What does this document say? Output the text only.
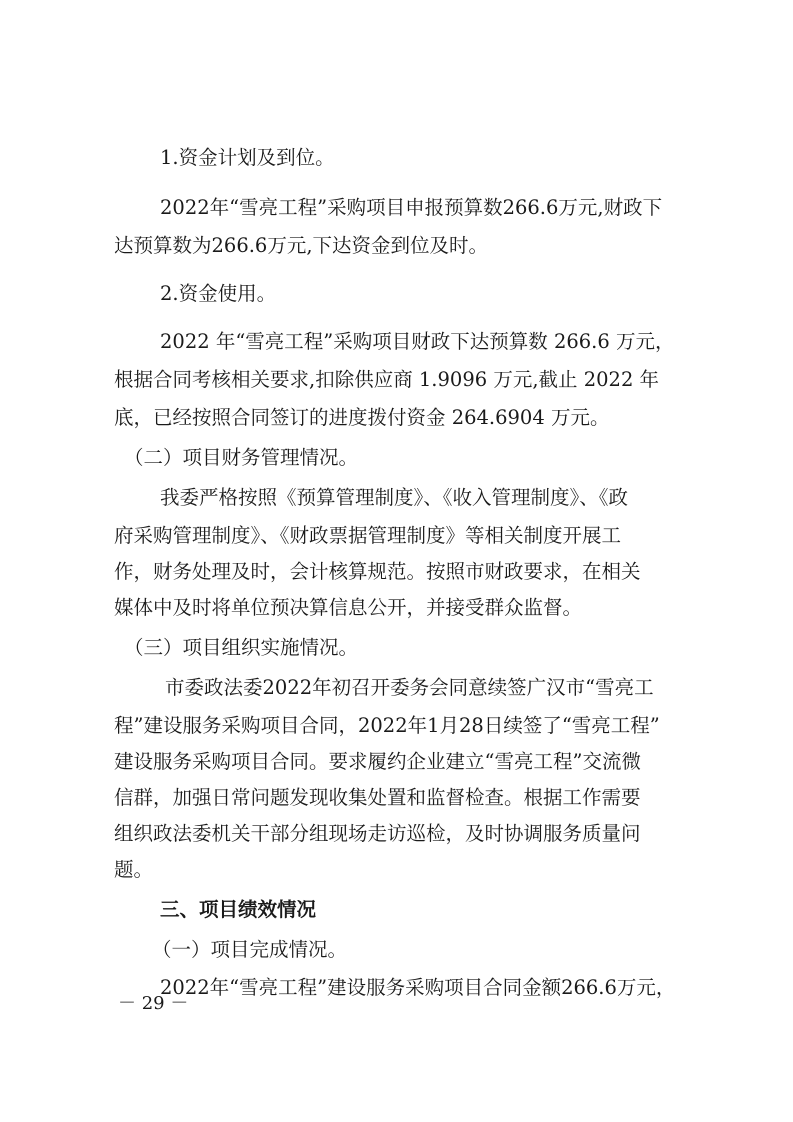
1.资金计划及到位。
2022年“雪亮工程”采购项目申报预算数266.6万元,财政下
达预算数为266.6万元,下达资金到位及时。
2.资金使用。
2022 年“雪亮工程”采购项目财政下达预算数 266.6 万元，
根据合同考核相关要求,扣除供应商 1.9096 万元,截止 2022 年
底，已经按照合同签订的进度拨付资金 264.6904 万元。
（二）项目财务管理情况。
我委严格按照《预算管理制度》、《收入管理制度》、《政
府采购管理制度》、《财政票据管理制度》等相关制度开展工
作，财务处理及时，会计核算规范。按照市财政要求，在相关
媒体中及时将单位预决算信息公开，并接受群众监督。
（三）项目组织实施情况。
市委政法委2022年初召开委务会同意续签广汉市“雪亮工
程”建设服务采购项目合同，2022年1月28日续签了“雪亮工程”
建设服务采购项目合同。要求履约企业建立“雪亮工程”交流微
信群，加强日常问题发现收集处置和监督检查。根据工作需要
组织政法委机关干部分组现场走访巡检，及时协调服务质量问
题。
三、项目绩效情况
（一）项目完成情况。
2022年“雪亮工程”建设服务采购项目合同金额266.6万元，
－ 29 －
